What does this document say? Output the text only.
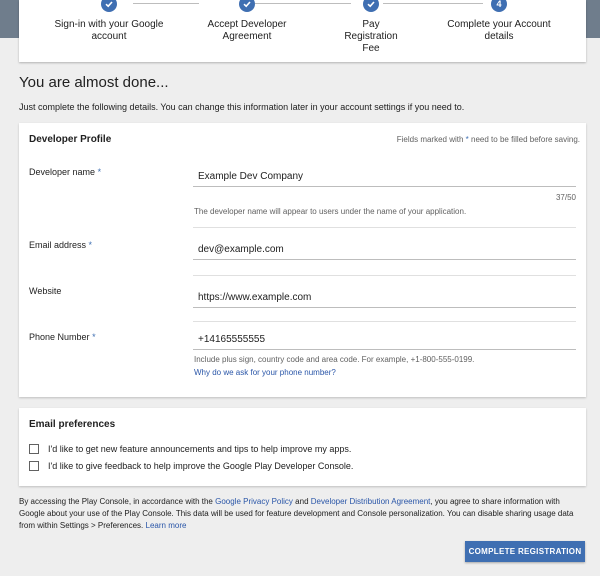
Sign-in with your Google account
Accept Developer Agreement
Pay Registration Fee
4
Complete your Account details
You are almost done...
Just complete the following details. You can change this information later in your account settings if you need to.
Developer Profile	Fields marked with * need to be filled before saving.
Developer name *
Example Dev Company
37/50
The developer name will appear to users under the name of your application.
Email address *
dev@example.com
Website
https://www.example.com
Phone Number *
+14165555555
Include plus sign, country code and area code. For example, +1-800-555-0199.
Why do we ask for your phone number?
Email preferences
I'd like to get new feature announcements and tips to help improve my apps.
I'd like to give feedback to help improve the Google Play Developer Console.
By accessing the Play Console, in accordance with the Google Privacy Policy and Developer Distribution Agreement, you agree to share information with Google about your use of the Play Console. This data will be used for feature development and Console personalization. You can disable sharing usage data from within Settings > Preferences. Learn more
COMPLETE REGISTRATION
